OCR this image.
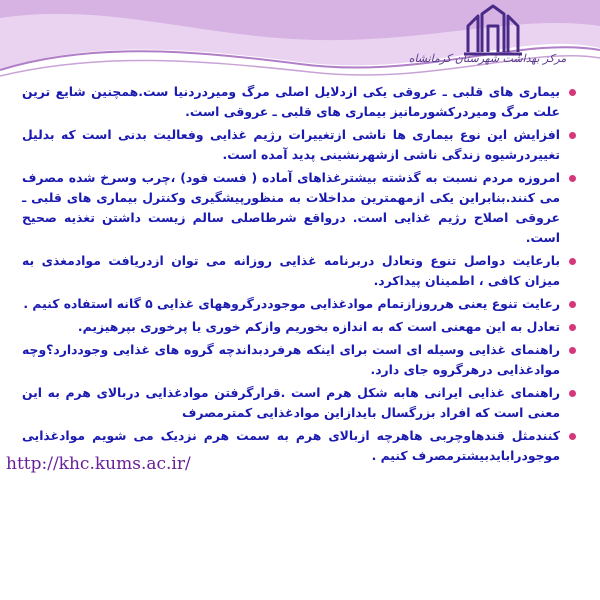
مرکز بهداشت شهرستان کرمانشاه
بیماری های قلبی ـ عروقی یکی ازدلایل اصلی مرگ ومیردردنیا ست.همچنین شایع ترین علت مرگ ومیردرکشورمانیز بیماری های قلبی ـ عروقی است.
افزایش این نوع بیماری ها ناشی ازتغییرات رژیم غذایی وفعالیت بدنی است که بدلیل تغییردرشیوه زندگی ناشی ازشهرنشینی پدید آمده است.
امروزه مردم نسبت به گذشته بیشترغذاهای آماده ( فست فود) ،چرب وسرخ شده مصرف می کنند.بنابراین یکی ازمهمترین مداخلات به منظورپیشگیری وکنترل بیماری های قلبی ـ عروقی اصلاح رژیم غذایی است. درواقع شرطاصلی سالم زیست داشتن تغذیه صحیح است.
بارعایت دواصل تنوع وتعادل دربرنامه غذایی روزانه می توان ازدریافت موادمغذی به میزان کافی ، اطمینان پیداکرد.
رعایت تنوع یعنی هرروزازتمام موادغذایی موجوددرگروههای غذایی ۵ گانه استفاده کنیم .
تعادل به این مهعنی است که به اندازه بخوریم وازکم خوری یا پرخوری بپرهیزیم.
راهنمای غذایی وسیله ای است برای اینکه هرفردبداندچه گروه های غذایی وجوددارد؟وچه موادغذایی درهرگروه جای دارد.
راهنمای غذایی ایرانی هابه شکل هرم است .قرارگرفتن موادغذایی دربالای هرم به این معنی است که افراد بزرگسال بایدازاین موادغذایی کمترمصرف
کنندمثل قندهاوچربی هاهرچه ازبالای هرم به سمت هرم نزدیک می شویم موادغذایی موجودرابایدبیشترمصرف کنیم .
http://khc.kums.ac.ir/
